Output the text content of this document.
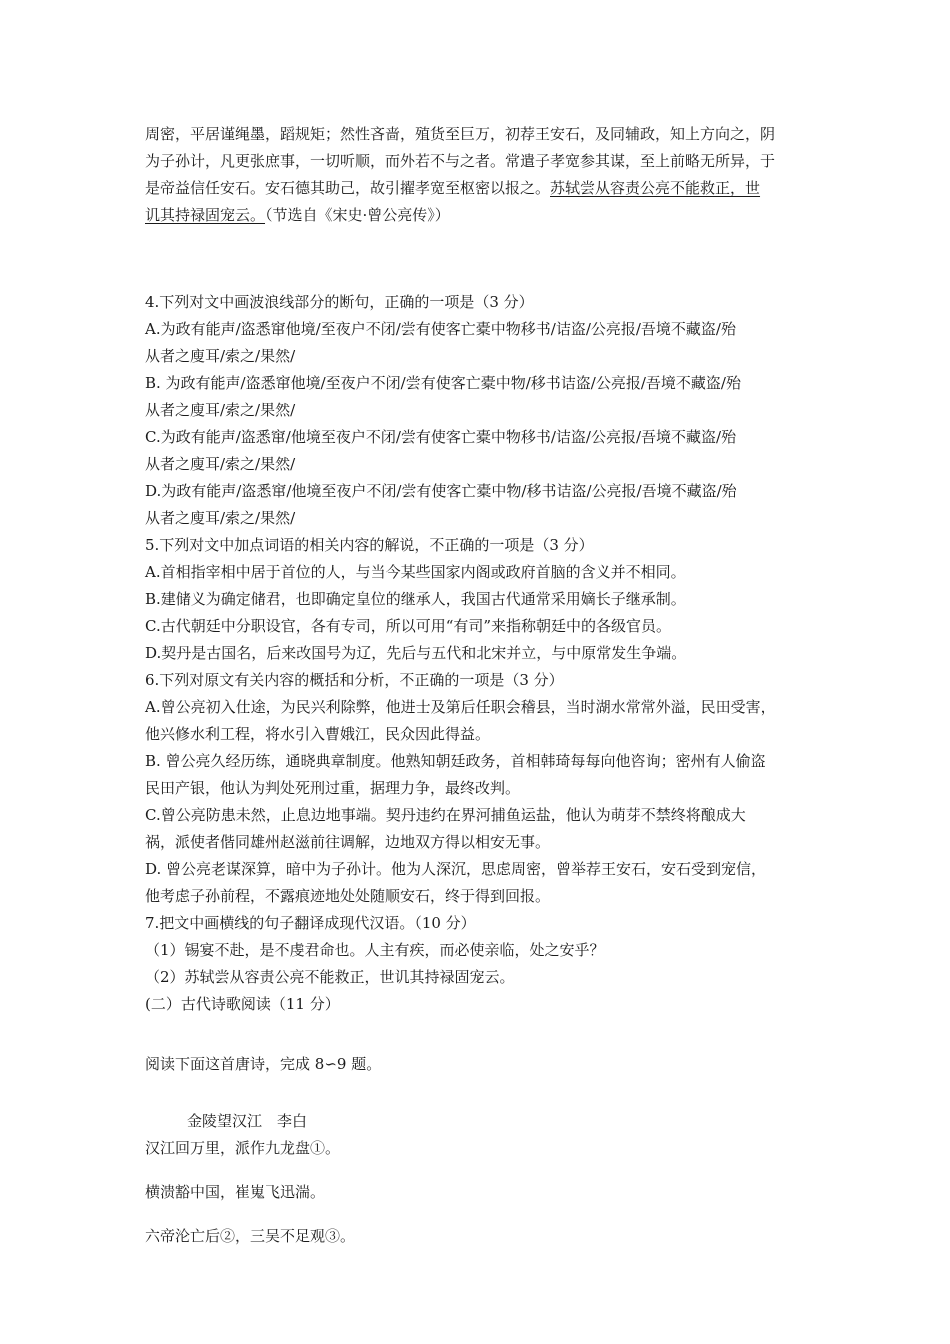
周密，平居谨绳墨，蹈规矩；然性吝啬，殖货至巨万，初荐王安石，及同辅政，知上方向之，阴
为子孙计，凡更张庶事，一切听顺，而外若不与之者。常遣子孝宽参其谋，至上前略无所异，于
是帝益信任安石。安石德其助己，故引擢孝宽至枢密以报之。苏轼尝从容责公亮不能救正，世
讥其持禄固宠云。（节选自《宋史·曾公亮传》）
4.下列对文中画波浪线部分的断句，正确的一项是（3 分）
A.为政有能声/盗悉窜他境/至夜户不闭/尝有使客亡橐中物移书/诘盗/公亮报/吾境不藏盗/殆
从者之廋耳/索之/果然/
B. 为政有能声/盗悉窜他境/至夜户不闭/尝有使客亡橐中物/移书诘盗/公亮报/吾境不藏盗/殆
从者之廋耳/索之/果然/
C.为政有能声/盗悉窜/他境至夜户不闭/尝有使客亡橐中物移书/诘盗/公亮报/吾境不藏盗/殆
从者之廋耳/索之/果然/
D.为政有能声/盗悉窜/他境至夜户不闭/尝有使客亡橐中物/移书诘盗/公亮报/吾境不藏盗/殆
从者之廋耳/索之/果然/
5.下列对文中加点词语的相关内容的解说，不正确的一项是（3 分）
A.首相指宰相中居于首位的人，与当今某些国家内阁或政府首脑的含义并不相同。
B.建储义为确定储君，也即确定皇位的继承人，我国古代通常采用嫡长子继承制。
C.古代朝廷中分职设官，各有专司，所以可用“有司”来指称朝廷中的各级官员。
D.契丹是古国名，后来改国号为辽，先后与五代和北宋并立，与中原常发生争端。
6.下列对原文有关内容的概括和分析，不正确的一项是（3 分）
A.曾公亮初入仕途，为民兴利除弊，他进士及第后任职会稽县，当时湖水常常外溢，民田受害，
他兴修水利工程，将水引入曹娥江，民众因此得益。
B. 曾公亮久经历练，通晓典章制度。他熟知朝廷政务，首相韩琦每每向他咨询；密州有人偷盗
民田产银，他认为判处死刑过重，据理力争，最终改判。
C.曾公亮防患未然，止息边地事端。契丹违约在界河捕鱼运盐，他认为萌芽不禁终将酿成大
祸，派使者偕同雄州赵滋前往调解，边地双方得以相安无事。
D. 曾公亮老谋深算，暗中为子孙计。他为人深沉，思虑周密，曾举荐王安石，安石受到宠信，
他考虑子孙前程，不露痕迹地处处随顺安石，终于得到回报。
7.把文中画横线的句子翻译成现代汉语。（10 分）
（1）锡宴不赴，是不虔君命也。人主有疾，而必使亲临，处之安乎？
（2）苏轼尝从容责公亮不能救正，世讥其持禄固宠云。
(二）古代诗歌阅读（11 分）
阅读下面这首唐诗，完成 8∽9 题。
金陵望汉江　李白
汉江回万里，派作九龙盘①。
横溃豁中国，崔嵬飞迅湍。
六帝沦亡后②，三吴不足观③。
